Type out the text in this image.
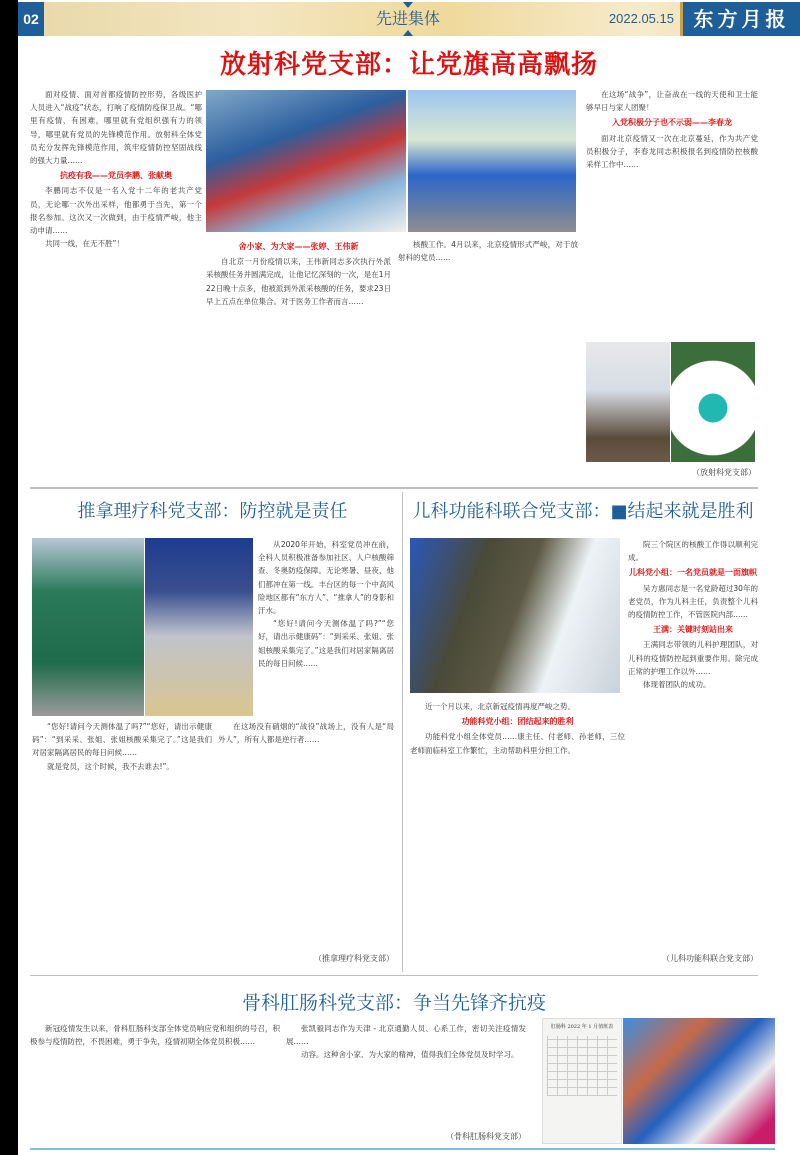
02	先进集体	2022.05.15 东方月报
放射科党支部：让党旗高高飘扬

面对疫情、面对首都疫情防控形势，各级医护人员进入“战疫”状态，打响了疫情防疫保卫战。“哪里有疫情、有困难，哪里就有党组织强有力的领导，哪里就有党员的先锋模范作用。放射科全体党员充分发挥先锋模范作用，筑牢疫情防控坚固战线的强大力量……

抗疫有我——党员李鹏、张献奥

李鹏同志不仅是一名入党十二年的老共产党员，无论哪一次外出采样，他都勇于当先，第一个报名参加。这次又一次做到，由于疫情严峻，他主动申请……

共同一线，在无不胜”！	舍小家、为大家——张婷、王伟新

自北京一月份疫情以来，王伟新同志多次执行外派采核酸任务并圆满完成，让他记忆深刻的一次，是在1月22日晚十点多，他被派到外派采核酸的任务，要求23日早上五点在单位集合。对于医务工作者而言……

核酸工作。4月以来，北京疫情形式严峻，对于放射科的党员……

在这场“战争”，让奋战在一线的天使和卫士能够早日与家人团聚！

入党积极分子也不示弱——李春龙

面对北京疫情又一次在北京蔓延，作为共产党员积极分子，李春龙同志积极报名到疫情防控核酸采样工作中……

（放射科党支部）
推拿理疗科党支部：防控就是责任

从2020年开始，科室党员冲在前，全科人员积极准备参加社区、人户核酸筛查、冬奥防疫保障。无论寒暑、昼夜，他们都冲在第一线。丰台区的每一个中高风险地区都有“东方人”、“推拿人”的身影和汗水。

“您好!请问今天测体温了吗?”“您好，请出示健康码”：“到采采、张姐、张姐核酸采集完了。”这是我们对居家隔离居民的每日问候……

“您好!请问今天测体温了吗?”“您好，请出示健康码”：“到采采、张姐、张姐核酸采集完了。”这是我们对居家隔离居民的每日问候……

就是党员，这个时候，我不去谁去!”。

在这场没有硝烟的“战役”战场上，没有人是“局外人”，所有人都是逆行者……

（推拿理疗科党支部）
儿科功能科联合党支部：■结起来就是胜利

近一个月以来，北京新冠疫情再度严峻之势。

功能科党小组：团结起来的胜利

功能科党小组全体党员……康主任、付老师、孙老师，三位老师面临科室工作繁忙，主动帮助科里分担工作。

院三个院区的核酸工作得以顺利完成。

儿科党小组：一名党员就是一面旗帜

吴方惠同志是一名党龄超过30年的老党员，作为儿科主任，负责整个儿科的疫情防控工作，不管医院内部……

王满：关键时刻站出来

王满同志带领的儿科护理团队，对儿科的疫情防控起到重要作用。除完成正常的护理工作以外……

体现着团队的成功。

（儿科功能科联合党支部）
骨科肛肠科党支部：争当先锋齐抗疫

新冠疫情发生以来，骨科肛肠科支部全体党员响应党和组织的号召，积极参与疫情防控，不畏困难，勇于争先，疫情初期全体党员积极……

张凯毅同志作为天津 - 北京通勤人员、心系工作，密切关注疫情发展……

动容。这种舍小家、为大家的精神，值得我们全体党员及时学习。

（骨科肛肠科党支部）
肛肠科 2022 年 1 月值班表
